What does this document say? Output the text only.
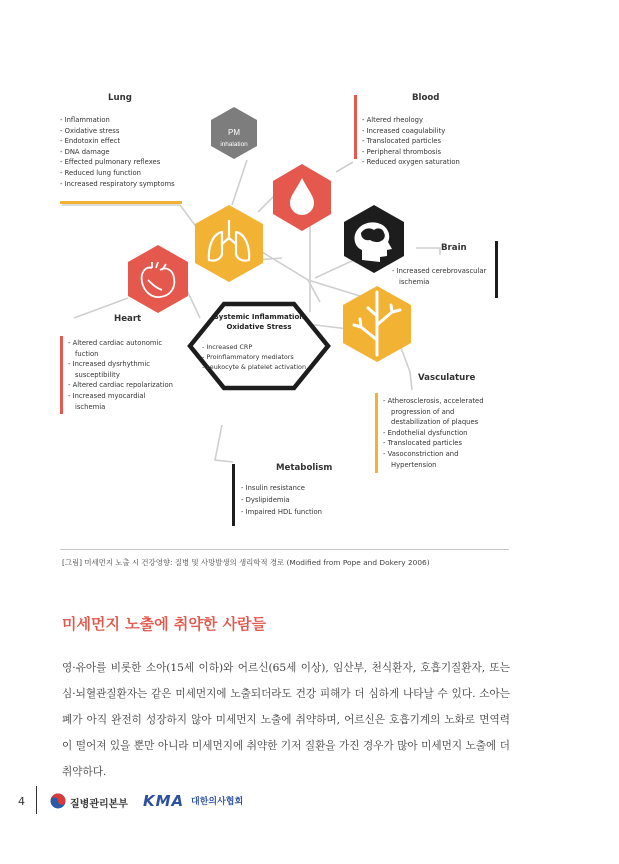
PM
inhalation
Systemic Inflammation
Oxidative Stress
- Increased CRP
- Proinflammatory mediators
- Leukocyte & platelet activation
Lung
- Inflammation
- Oxidative stress
- Endotoxin effect
- DNA damage
- Effected pulmonary reflexes
- Reduced lung function
- Increased respiratory symptoms
Blood
- Altered rheology
- Increased coagulability
- Translocated particles
- Peripheral thrombosis
- Reduced oxygen saturation
Brain
- Increased cerebrovascular
ischemia
Heart
- Altered cardiac autonomic
fuction
- Increased dysrhythmic
susceptibility
- Altered cardiac repolarization
- Increased myocardial
ischemia
Vasculature
- Atherosclerosis, accelerated
progression of and
destabilization of plaques
- Endothelial dysfunction
- Translocated particles
- Vasoconstriction and
Hypertension
Metabolism
- Insulin resistance
- Dyslipidemia
- Impaired HDL function
[그림] 미세먼지 노출 시 건강영향: 질병 및 사망발생의 생리학적 경로 (Modified from Pope and Dokery 2006)
미세먼지 노출에 취약한 사람들
영·유아를 비롯한 소아(15세 이하)와 어르신(65세 이상), 임산부, 천식환자, 호흡기질환자, 또는 심·뇌혈관질환자는 같은 미세먼지에 노출되더라도 건강 피해가 더 심하게 나타날 수 있다. 소아는 폐가 아직 완전히 성장하지 않아 미세먼지 노출에 취약하며, 어르신은 호흡기계의 노화로 면역력이 떨어져 있을 뿐만 아니라 미세먼지에 취약한 기저 질환을 가진 경우가 많아 미세먼지 노출에 더 취약하다.
4	질병관리본부 KMA 대한의사협회
